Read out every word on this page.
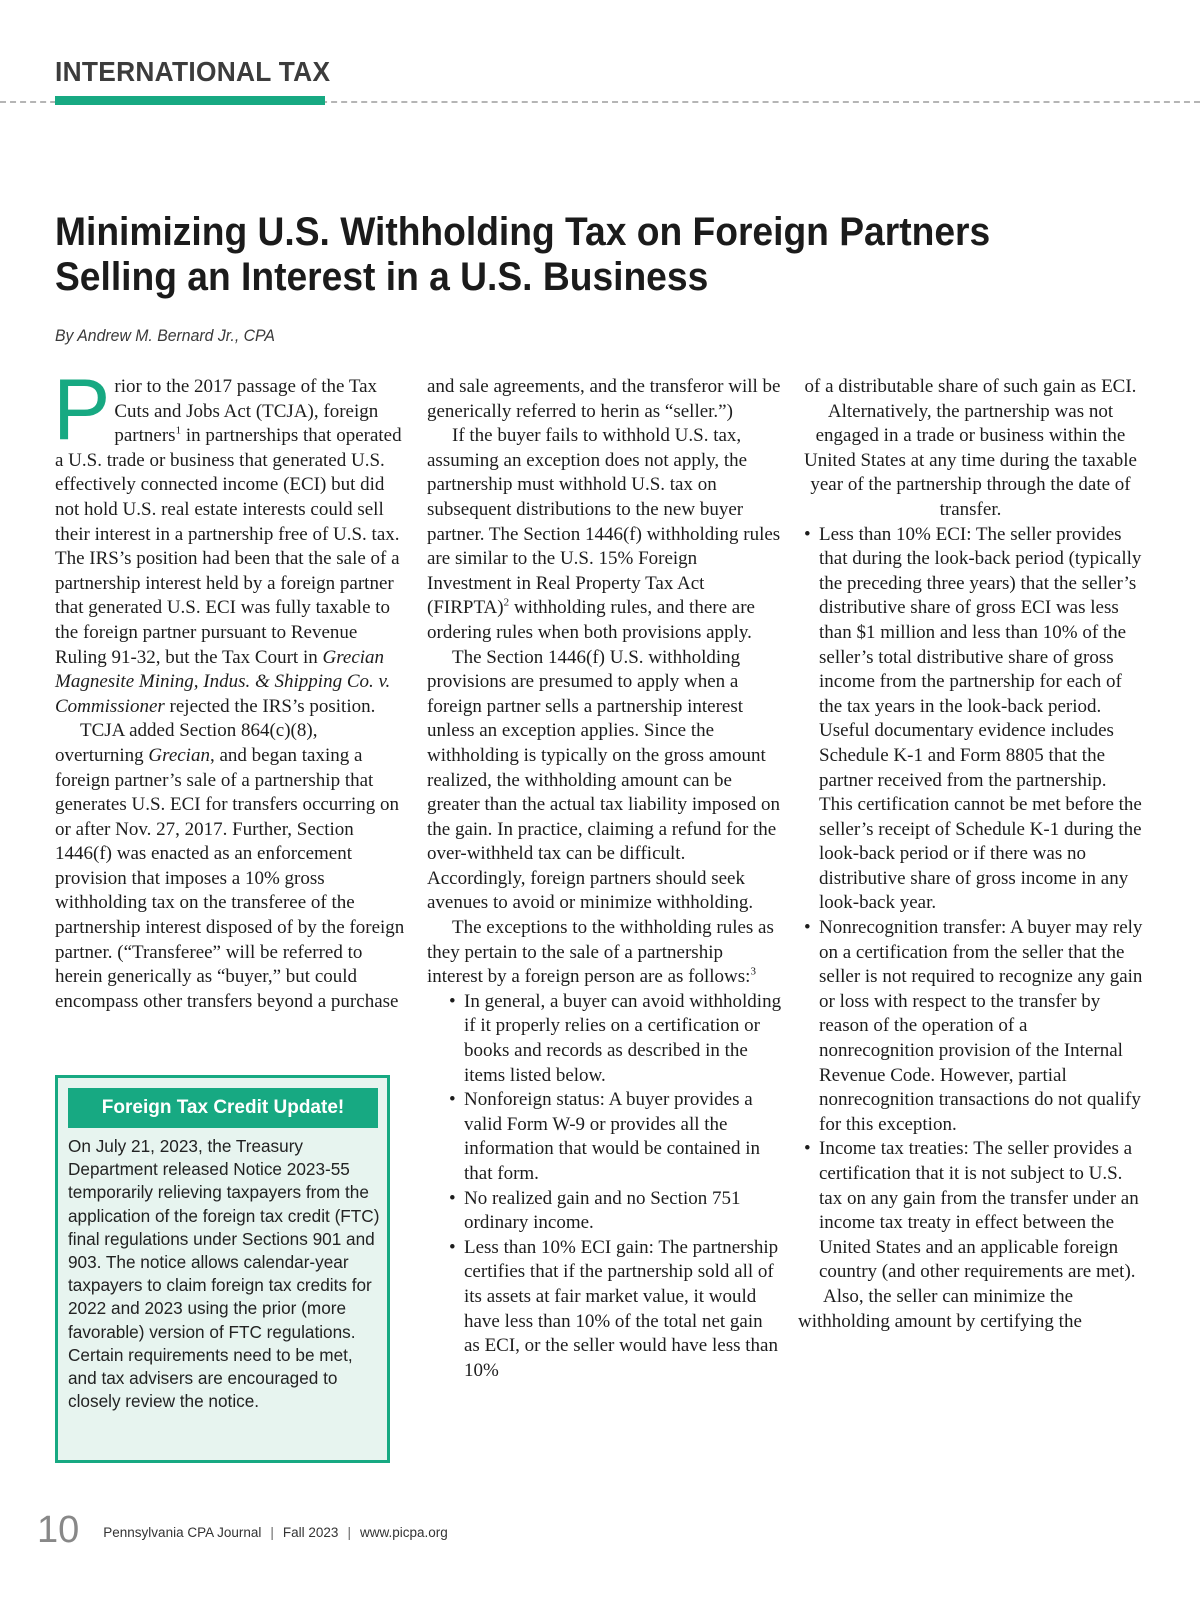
INTERNATIONAL TAX
Minimizing U.S. Withholding Tax on Foreign Partners Selling an Interest in a U.S. Business
By Andrew M. Bernard Jr., CPA

Prior to the 2017 passage of the Tax Cuts and Jobs Act (TCJA), foreign partners$^1$ in partnerships that operated a U.S. trade or business that generated U.S. effectively connected income (ECI) but did not hold U.S. real estate interests could sell their interest in a partnership free of U.S. tax. The IRS’s position had been that the sale of a partnership interest held by a foreign partner that generated U.S. ECI was fully taxable to the foreign partner pursuant to Revenue Ruling 91-32, but the Tax Court in Grecian Magnesite Mining, Indus. & Shipping Co. v. Commissioner rejected the IRS’s position.

TCJA added Section 864(c)(8), overturning Grecian, and began taxing a foreign partner’s sale of a partnership that generates U.S. ECI for transfers occurring on or after Nov. 27, 2017. Further, Section 1446(f) was enacted as an enforcement provision that imposes a 10% gross withholding tax on the transferee of the partnership interest disposed of by the foreign partner. (“Transferee” will be referred to herein generically as “buyer,” but could encompass other transfers beyond a purchase

Foreign Tax Credit Update!

On July 21, 2023, the Treasury Department released Notice 2023-55 temporarily relieving taxpayers from the application of the foreign tax credit (FTC) final regulations under Sections 901 and 903. The notice allows calendar-year taxpayers to claim foreign tax credits for 2022 and 2023 using the prior (more favorable) version of FTC regulations. Certain requirements need to be met, and tax advisers are encouraged to closely review the notice.

and sale agreements, and the transferor will be generically referred to herin as “seller.”)

If the buyer fails to withhold U.S. tax, assuming an exception does not apply, the partnership must withhold U.S. tax on subsequent distributions to the new buyer partner. The Section 1446(f) withholding rules are similar to the U.S. 15% Foreign Investment in Real Property Tax Act (FIRPTA)$^2$ withholding rules, and there are ordering rules when both provisions apply.

The Section 1446(f) U.S. withholding provisions are presumed to apply when a foreign partner sells a partnership interest unless an exception applies. Since the withholding is typically on the gross amount realized, the withholding amount can be greater than the actual tax liability imposed on the gain. In practice, claiming a refund for the over-withheld tax can be difficult. Accordingly, foreign partners should seek avenues to avoid or minimize withholding.

The exceptions to the withholding rules as they pertain to the sale of a partnership interest by a foreign person are as follows:$^3$

• In general, a buyer can avoid withholding if it properly relies on a certification or books and records as described in the items listed below.
• Nonforeign status: A buyer provides a valid Form W-9 or provides all the information that would be contained in that form.
• No realized gain and no Section 751 ordinary income.
• Less than 10% ECI gain: The partnership certifies that if the partnership sold all of its assets at fair market value, it would have less than 10% of the total net gain as ECI, or the seller would have less than 10%

of a distributable share of such gain as ECI. Alternatively, the partnership was not engaged in a trade or business within the United States at any time during the taxable year of the partnership through the date of transfer.

• Less than 10% ECI: The seller provides that during the look-back period (typically the preceding three years) that the seller’s distributive share of gross ECI was less than $1 million and less than 10% of the seller’s total distributive share of gross income from the partnership for each of the tax years in the look-back period. Useful documentary evidence includes Schedule K-1 and Form 8805 that the partner received from the partnership. This certification cannot be met before the seller’s receipt of Schedule K-1 during the look-back period or if there was no distributive share of gross income in any look-back year.
• Nonrecognition transfer: A buyer may rely on a certification from the seller that the seller is not required to recognize any gain or loss with respect to the transfer by reason of the operation of a nonrecognition provision of the Internal Revenue Code. However, partial nonrecognition transactions do not qualify for this exception.
• Income tax treaties: The seller provides a certification that it is not subject to U.S. tax on any gain from the transfer under an income tax treaty in effect between the United States and an applicable foreign country (and other requirements are met).

Also, the seller can minimize the withholding amount by certifying the

10 Pennsylvania CPA Journal | Fall 2023 | www.picpa.org
